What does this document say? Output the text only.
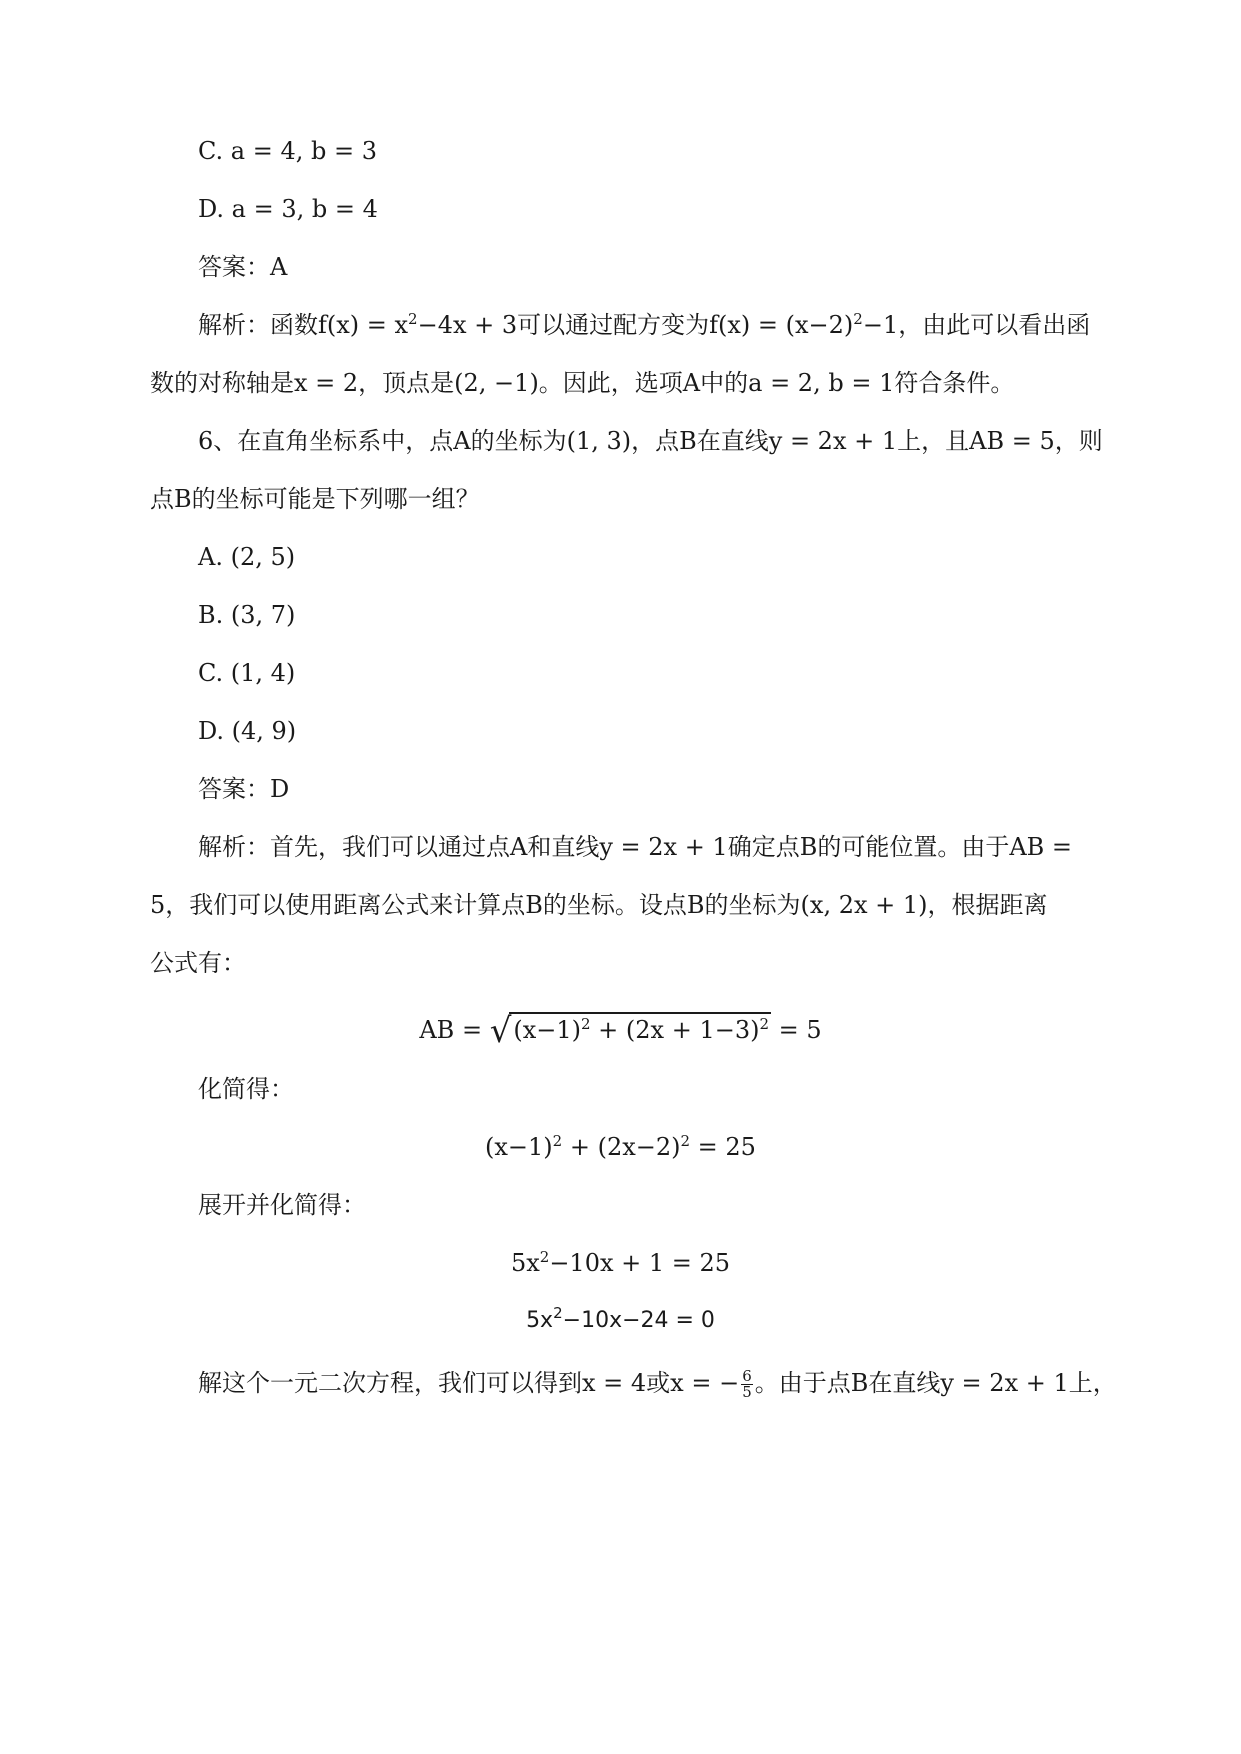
C. a = 4, b = 3
D. a = 3, b = 4
答案：A
解析：函数$f(x) = x^2-4x + 3$可以通过配方变为$f(x) = (x-2)^2-1$，由此可以看出函
数的对称轴是x = 2，顶点是(2, −1)。因此，选项A中的a = 2, b = 1符合条件。
6、在直角坐标系中，点A的坐标为(1, 3)，点B在直线y = 2x + 1上，且AB = 5，则
点B的坐标可能是下列哪一组？
A. (2, 5)
B. (3, 7)
C. (1, 4)
D. (4, 9)
答案：D
解析：首先，我们可以通过点A和直线y = 2x + 1确定点B的可能位置。由于AB =
5，我们可以使用距离公式来计算点B的坐标。设点B的坐标为(x, 2x + 1)，根据距离
公式有：
AB = $√(x-1)^2 + (2x + 1-3)^2 = 5$
化简得：
$(x-1)^2 + (2x-2)^2 = 25$
展开并化简得：
$5x^2-10x + 1 = 25$
$5x^2-10x-24 = 0$
解这个一元二次方程，我们可以得到x = 4或x = − $\frac{6}{5}$ 。由于点B在直线y = 2x + 1上，
